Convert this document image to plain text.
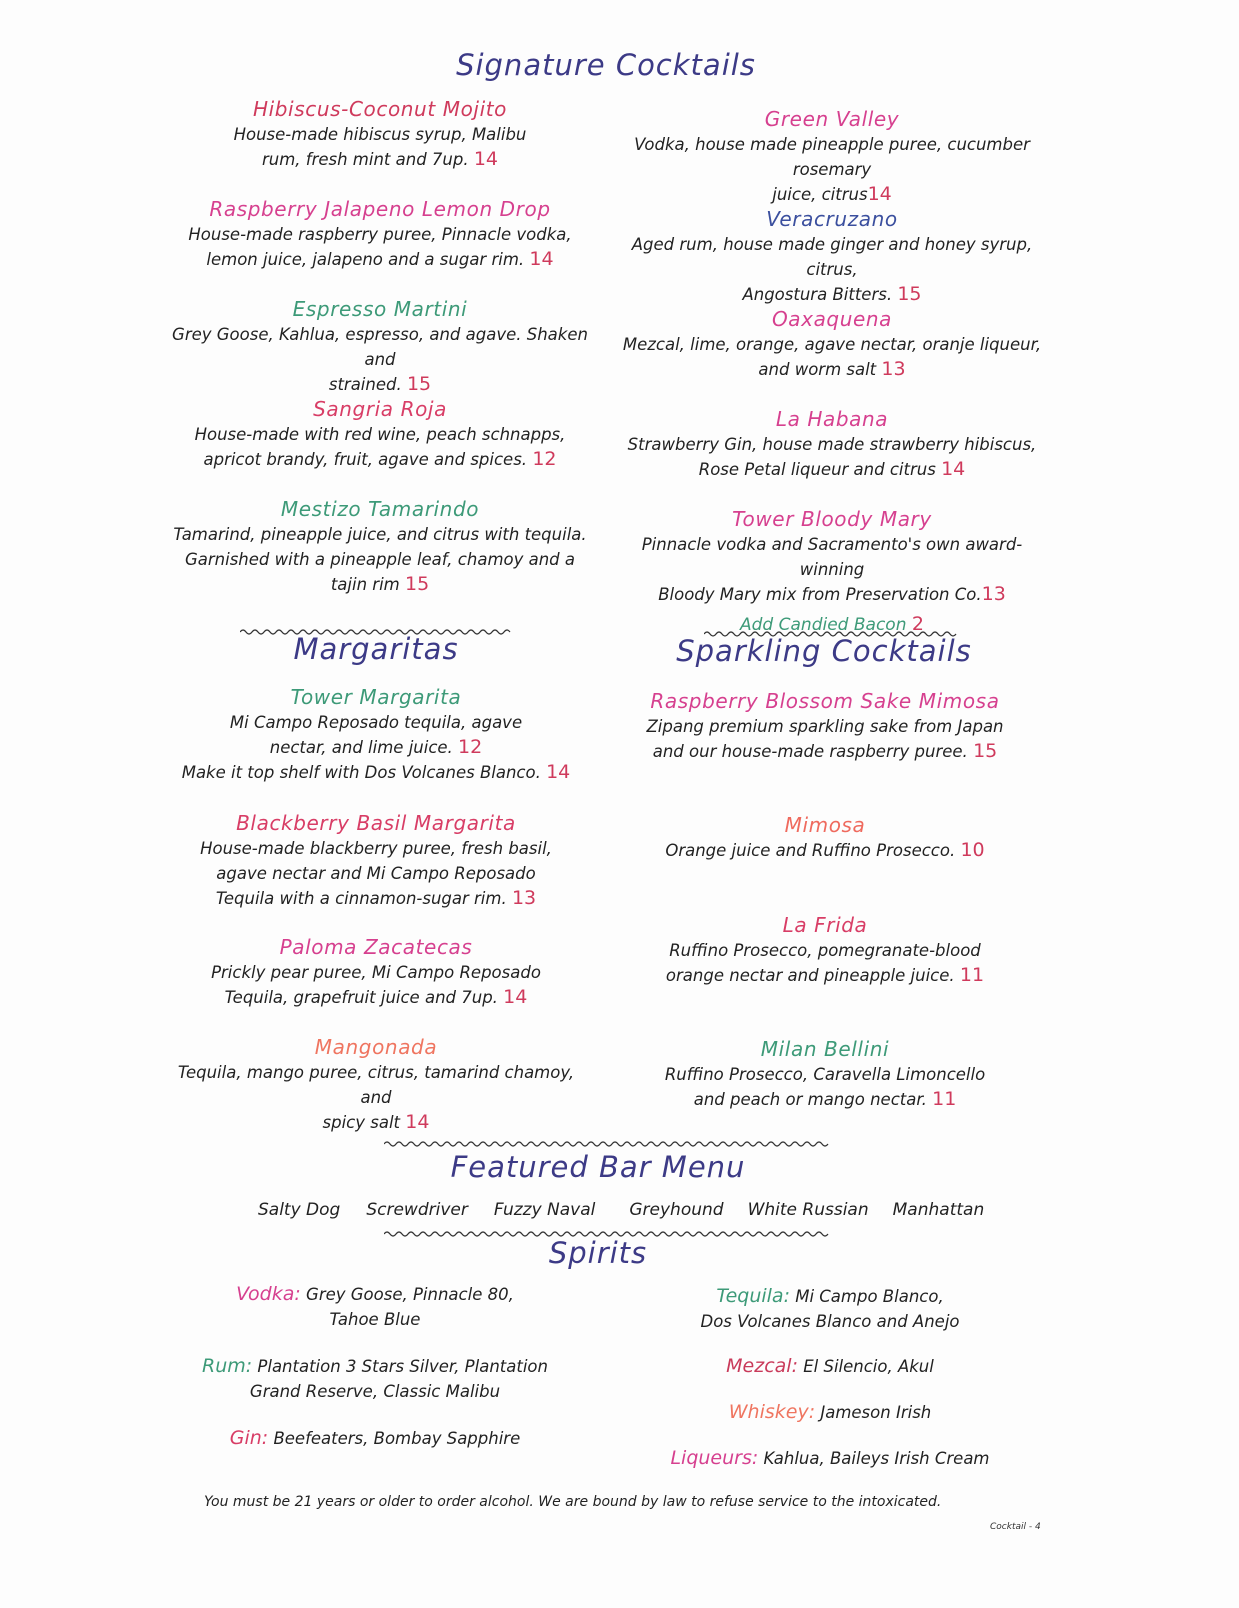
Signature Cocktails
Hibiscus-Coconut Mojito
House-made hibiscus syrup, Malibu
rum, fresh mint and 7up. 14
Raspberry Jalapeno Lemon Drop
House-made raspberry puree, Pinnacle vodka,
lemon juice, jalapeno and a sugar rim. 14
Espresso Martini
Grey Goose, Kahlua, espresso, and agave. Shaken and
strained. 15
Sangria Roja
House-made with red wine, peach schnapps,
apricot brandy, fruit, agave and spices. 12
Mestizo Tamarindo
Tamarind, pineapple juice, and citrus with tequila.
Garnished with a pineapple leaf, chamoy and a
tajin rim 15
Green Valley
Vodka, house made pineapple puree, cucumber rosemary
juice, citrus14
Veracruzano
Aged rum, house made ginger and honey syrup, citrus,
Angostura Bitters. 15
Oaxaquena
Mezcal, lime, orange, agave nectar, oranje liqueur,
and worm salt 13
La Habana
Strawberry Gin, house made strawberry hibiscus,
Rose Petal liqueur and citrus 14
Tower Bloody Mary
Pinnacle vodka and Sacramento's own award-winning
Bloody Mary mix from Preservation Co.13
Add Candied Bacon 2
Margaritas
Tower Margarita
Mi Campo Reposado tequila, agave
nectar, and lime juice. 12
Make it top shelf with Dos Volcanes Blanco. 14
Blackberry Basil Margarita
House-made blackberry puree, fresh basil,
agave nectar and Mi Campo Reposado
Tequila with a cinnamon-sugar rim. 13
Paloma Zacatecas
Prickly pear puree, Mi Campo Reposado
Tequila, grapefruit juice and 7up. 14
Mangonada
Tequila, mango puree, citrus, tamarind chamoy, and
spicy salt 14
Sparkling Cocktails
Raspberry Blossom Sake Mimosa
Zipang premium sparkling sake from Japan
and our house-made raspberry puree. 15
Mimosa
Orange juice and Ruffino Prosecco. 10
La Frida
Ruffino Prosecco, pomegranate-blood
orange nectar and pineapple juice. 11
Milan Bellini
Ruffino Prosecco, Caravella Limoncello
and peach or mango nectar. 11
Featured Bar Menu
Salty Dog Screwdriver Fuzzy Naval Greyhound White Russian Manhattan
Spirits
Vodka: Grey Goose, Pinnacle 80,
Tahoe Blue
Rum: Plantation 3 Stars Silver, Plantation
Grand Reserve, Classic Malibu
Gin: Beefeaters, Bombay Sapphire
Tequila: Mi Campo Blanco,
Dos Volcanes Blanco and Anejo
Mezcal: El Silencio, Akul
Whiskey: Jameson Irish
Liqueurs: Kahlua, Baileys Irish Cream
You must be 21 years or older to order alcohol. We are bound by law to refuse service to the intoxicated.
Cocktail - 4
